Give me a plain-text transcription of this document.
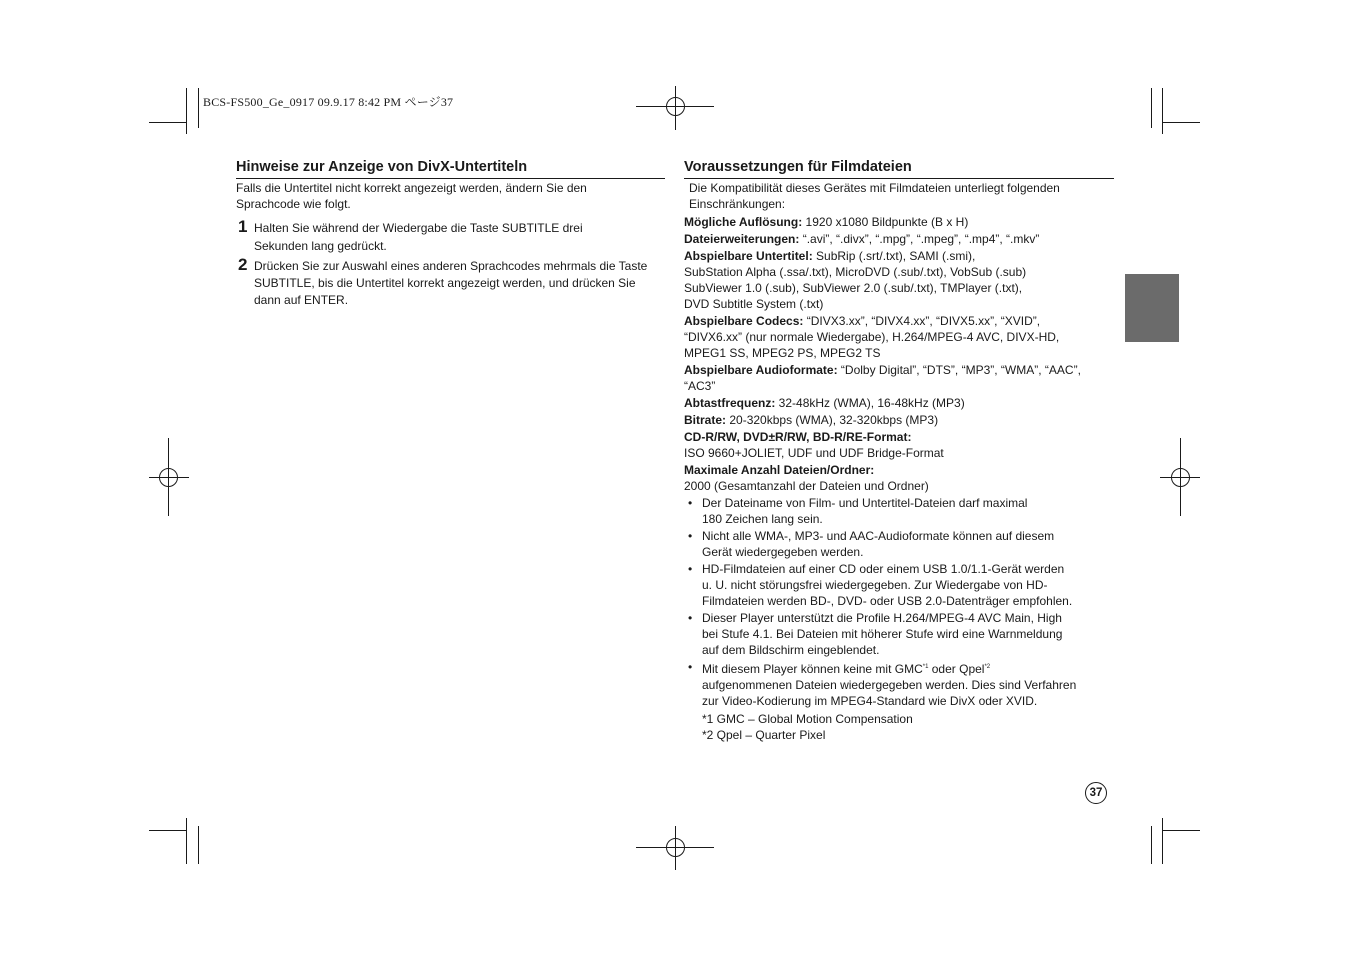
BCS-FS500_Ge_0917 09.9.17 8:42 PM ページ37
Hinweise zur Anzeige von DivX-Untertiteln
Falls die Untertitel nicht korrekt angezeigt werden, ändern Sie den Sprachcode wie folgt.
1 Halten Sie während der Wiedergabe die Taste SUBTITLE drei Sekunden lang gedrückt.
2 Drücken Sie zur Auswahl eines anderen Sprachcodes mehrmals die Taste SUBTITLE, bis die Untertitel korrekt angezeigt werden, und drücken Sie dann auf ENTER.
Voraussetzungen für Filmdateien
Die Kompatibilität dieses Gerätes mit Filmdateien unterliegt folgenden Einschränkungen:
Mögliche Auflösung: 1920 x1080 Bildpunkte (B x H)
Dateierweiterungen: “.avi”, “.divx”, “.mpg”, “.mpeg”, “.mp4”, “.mkv”
Abspielbare Untertitel: SubRip (.srt/.txt), SAMI (.smi),
SubStation Alpha (.ssa/.txt), MicroDVD (.sub/.txt), VobSub (.sub)
SubViewer 1.0 (.sub), SubViewer 2.0 (.sub/.txt), TMPlayer (.txt),
DVD Subtitle System (.txt)
Abspielbare Codecs: “DIVX3.xx”, “DIVX4.xx”, “DIVX5.xx”, “XVID”,
“DIVX6.xx” (nur normale Wiedergabe), H.264/MPEG-4 AVC, DIVX-HD,
MPEG1 SS, MPEG2 PS, MPEG2 TS
Abspielbare Audioformate: “Dolby Digital”, “DTS”, “MP3”, “WMA”, “AAC”,
“AC3”
Abtastfrequenz: 32-48kHz (WMA), 16-48kHz (MP3)
Bitrate: 20-320kbps (WMA), 32-320kbps (MP3)
CD-R/RW, DVD±R/RW, BD-R/RE-Format:
ISO 9660+JOLIET, UDF und UDF Bridge-Format
Maximale Anzahl Dateien/Ordner:
2000 (Gesamtanzahl der Dateien und Ordner)
• Der Dateiname von Film- und Untertitel-Dateien darf maximal
180 Zeichen lang sein.
• Nicht alle WMA-, MP3- und AAC-Audioformate können auf diesem
Gerät wiedergegeben werden.
• HD-Filmdateien auf einer CD oder einem USB 1.0/1.1-Gerät werden
u. U. nicht störungsfrei wiedergegeben. Zur Wiedergabe von HD-
Filmdateien werden BD-, DVD- oder USB 2.0-Datenträger empfohlen.
• Dieser Player unterstützt die Profile H.264/MPEG-4 AVC Main, High
bei Stufe 4.1. Bei Dateien mit höherer Stufe wird eine Warnmeldung
auf dem Bildschirm eingeblendet.
• Mit diesem Player können keine mit GMC$^{*1}$ oder Qpel$^{*2}$
aufgenommenen Dateien wiedergegeben werden. Dies sind Verfahren
zur Video-Kodierung im MPEG4-Standard wie DivX oder XVID.
*1 GMC – Global Motion Compensation
*2 Qpel – Quarter Pixel
37
